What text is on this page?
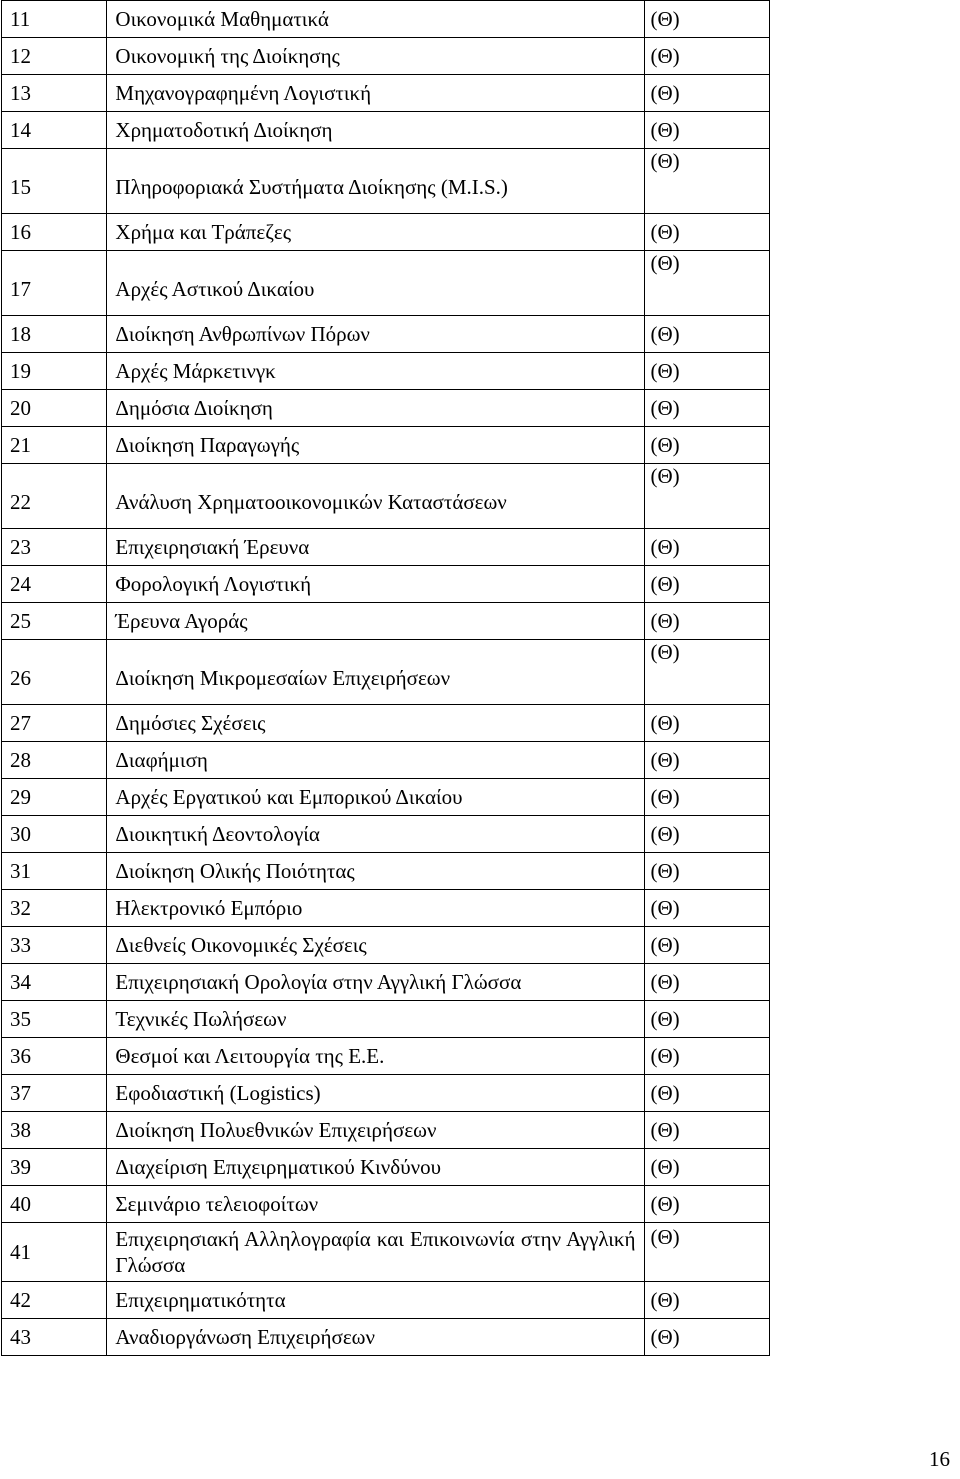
11	Οικονομικά Μαθηματικά	(Θ)
12	Οικονομική της Διοίκησης	(Θ)
13	Μηχανογραφημένη Λογιστική	(Θ)
14	Χρηματοδοτική Διοίκηση	(Θ)
15	Πληροφοριακά Συστήματα Διοίκησης (M.I.S.)	(Θ)
16	Χρήμα και Τράπεζες	(Θ)
17	Αρχές Αστικού Δικαίου	(Θ)
18	Διοίκηση Ανθρωπίνων Πόρων	(Θ)
19	Αρχές Μάρκετινγκ	(Θ)
20	Δημόσια Διοίκηση	(Θ)
21	Διοίκηση Παραγωγής	(Θ)
22	Ανάλυση Χρηματοοικονομικών Καταστάσεων	(Θ)
23	Επιχειρησιακή Έρευνα	(Θ)
24	Φορολογική Λογιστική	(Θ)
25	Έρευνα Αγοράς	(Θ)
26	Διοίκηση Μικρομεσαίων Επιχειρήσεων	(Θ)
27	Δημόσιες Σχέσεις	(Θ)
28	Διαφήμιση	(Θ)
29	Αρχές Εργατικού και Εμπορικού Δικαίου	(Θ)
30	Διοικητική Δεοντολογία	(Θ)
31	Διοίκηση Ολικής Ποιότητας	(Θ)
32	Ηλεκτρονικό Εμπόριο	(Θ)
33	Διεθνείς Οικονομικές Σχέσεις	(Θ)
34	Επιχειρησιακή Ορολογία στην Αγγλική Γλώσσα	(Θ)
35	Τεχνικές Πωλήσεων	(Θ)
36	Θεσμοί και Λειτουργία της Ε.Ε.	(Θ)
37	Εφοδιαστική (Logistics)	(Θ)
38	Διοίκηση Πολυεθνικών Επιχειρήσεων	(Θ)
39	Διαχείριση Επιχειρηματικού Κινδύνου	(Θ)
40	Σεμινάριο τελειοφοίτων	(Θ)
41	Επιχειρησιακή Αλληλογραφία και Επικοινωνία στην Αγγλική Γλώσσα	(Θ)
42	Επιχειρηματικότητα	(Θ)
43	Αναδιοργάνωση Επιχειρήσεων	(Θ)
16
